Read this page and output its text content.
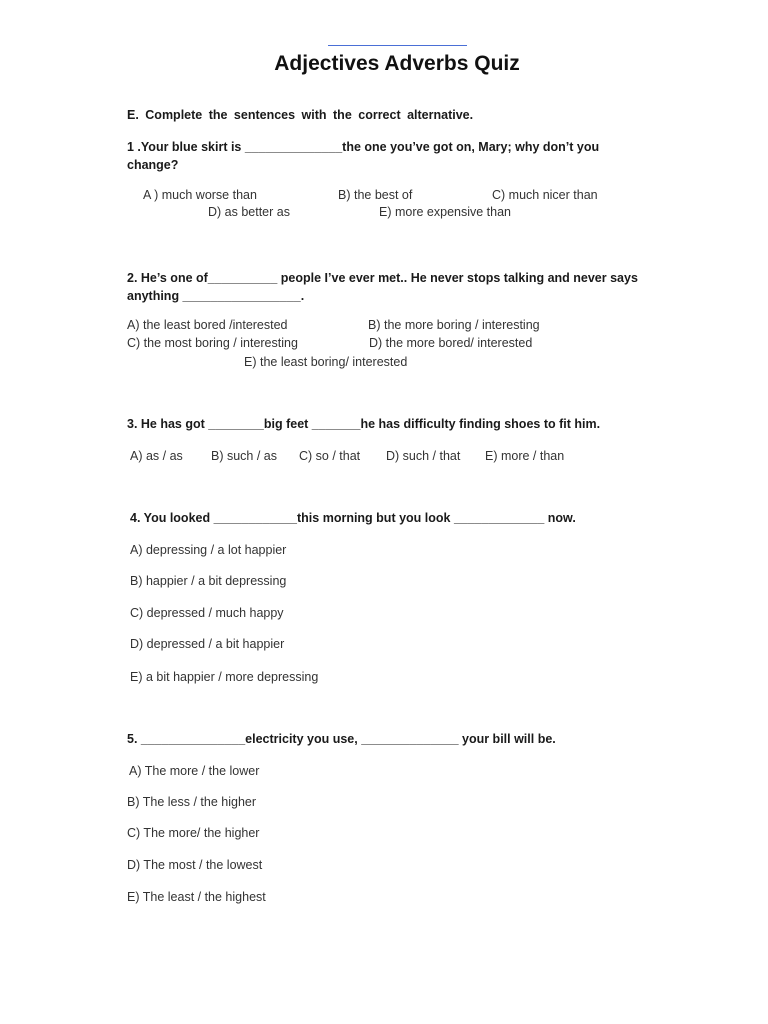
Adjectives Adverbs Quiz
E. Complete the sentences with the correct alternative.
1 .Your blue skirt is ______________the one you’ve got on, Mary; why don’t you change?
A ) much worse than	B) the best of	C) much nicer than
D) as better as	E) more expensive than
2. He’s one of__________ people I’ve ever met.. He never stops talking and never says anything _________________.
A) the least bored /interested	B) the more boring / interesting
C) the most boring / interesting	D) the more bored/ interested
E) the least boring/ interested
3. He has got ________big feet _______he has difficulty finding shoes to fit him.
A) as / as B) such / as C) so / that D) such / that E) more / than
4. You looked ____________this morning but you look _____________ now.
A) depressing / a lot happier
B) happier / a bit depressing
C) depressed / much happy
D) depressed / a bit happier
E) a bit happier / more depressing
5. _______________electricity you use, ______________ your bill will be.
A) The more / the lower
B) The less / the higher
C) The more/ the higher
D) The most / the lowest
E) The least / the highest
